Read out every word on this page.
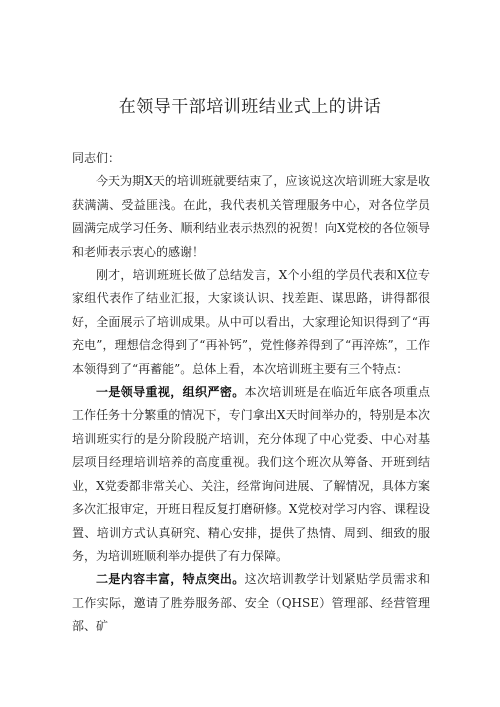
在领导干部培训班结业式上的讲话

同志们：

今天为期X天的培训班就要结束了，应该说这次培训班大家是收获满满、受益匪浅。在此，我代表机关管理服务中心，对各位学员圆满完成学习任务、顺利结业表示热烈的祝贺！向X党校的各位领导和老师表示衷心的感谢！

刚才，培训班班长做了总结发言，X个小组的学员代表和X位专家组代表作了结业汇报，大家谈认识、找差距、谋思路，讲得都很好，全面展示了培训成果。从中可以看出，大家理论知识得到了“再充电”，理想信念得到了“再补钙”，党性修养得到了“再淬炼”，工作本领得到了“再蓄能”。总体上看，本次培训班主要有三个特点：

一是领导重视，组织严密。本次培训班是在临近年底各项重点工作任务十分繁重的情况下，专门拿出X天时间举办的，特别是本次培训班实行的是分阶段脱产培训，充分体现了中心党委、中心对基层项目经理培训培养的高度重视。我们这个班次从筹备、开班到结业，X党委都非常关心、关注，经常询问进展、了解情况，具体方案多次汇报审定，开班日程反复打磨研修。X党校对学习内容、课程设置、培训方式认真研究、精心安排，提供了热情、周到、细致的服务，为培训班顺利举办提供了有力保障。

二是内容丰富，特点突出。这次培训教学计划紧贴学员需求和工作实际，邀请了胜券服务部、安全（QHSE）管理部、经营管理部、矿
